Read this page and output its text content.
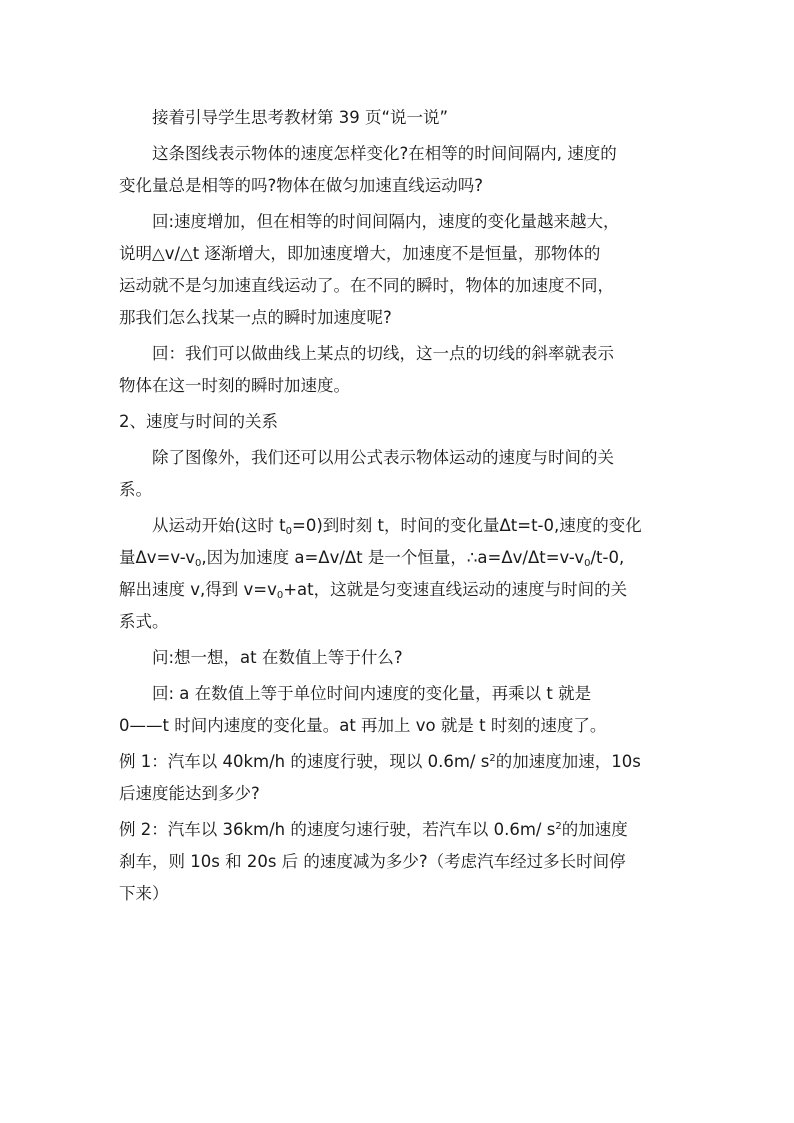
接着引导学生思考教材第 39 页“说一说”

这条图线表示物体的速度怎样变化?在相等的时间间隔内, 速度的
变化量总是相等的吗?物体在做匀加速直线运动吗?

回:速度增加，但在相等的时间间隔内，速度的变化量越来越大，
说明△v/△t 逐渐增大，即加速度增大，加速度不是恒量，那物体的
运动就不是匀加速直线运动了。在不同的瞬时，物体的加速度不同，
那我们怎么找某一点的瞬时加速度呢?

回：我们可以做曲线上某点的切线，这一点的切线的斜率就表示
物体在这一时刻的瞬时加速度。

2、速度与时间的关系

除了图像外，我们还可以用公式表示物体运动的速度与时间的关
系。

从运动开始(这时 $t_0=0$)到时刻 t，时间的变化量Δt=t-0,速度的变化
量$\Delta v=v-v_0$,因为加速度 a=Δv/Δt 是一个恒量，$\therefore a=\Delta v/\Delta t=v-v_0/t-0$,
解出速度 v,得到 $v=v_0+at$，这就是匀变速直线运动的速度与时间的关
系式。

问:想一想，at 在数值上等于什么?

回: a 在数值上等于单位时间内速度的变化量，再乘以 t 就是
0——t 时间内速度的变化量。at 再加上 vo 就是 t 时刻的速度了。

例 1：汽车以 40km/h 的速度行驶，现以 0.6m/ $s^2$的加速度加速，10s
后速度能达到多少?

例 2：汽车以 36km/h 的速度匀速行驶，若汽车以 0.6m/ $s^2$的加速度
刹车，则 10s 和 20s 后 的速度减为多少?（考虑汽车经过多长时间停
下来）
